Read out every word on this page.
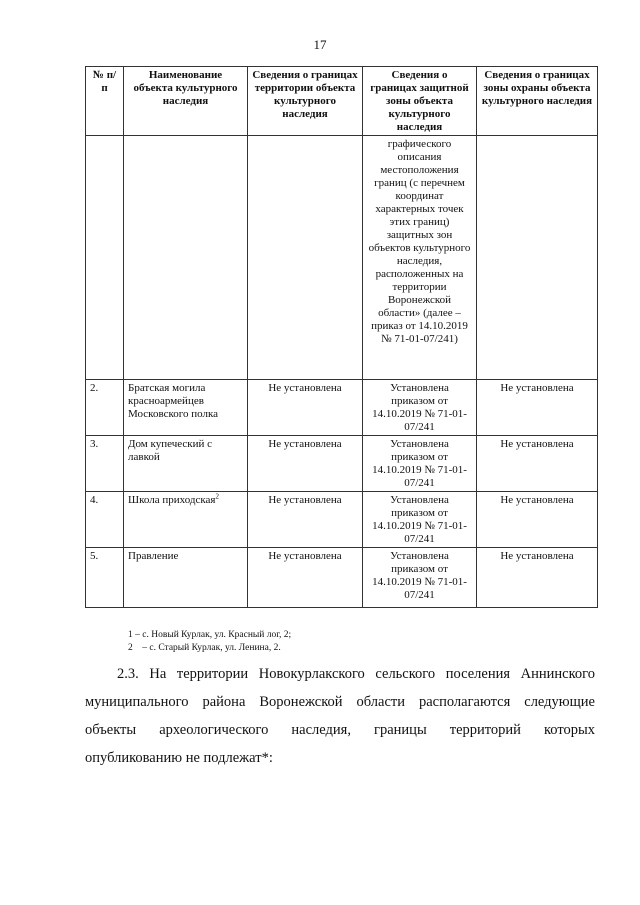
17
№ п/п	Наименование объекта культурного наследия	Сведения о границах территории объекта культурного наследия	Сведения о границах защитной зоны объекта культурного наследия	Сведения о границах зоны охраны объекта культурного наследия
			графического описания местоположения границ (с перечнем координат характерных точек этих границ) защитных зон объектов культурного наследия, расположенных на территории Воронежской области» (далее – приказ от 14.10.2019 № 71-01-07/241)	
2.	Братская могила красноармейцев Московского полка	Не установлена	Установлена приказом от 14.10.2019 № 71-01-07/241	Не установлена
3.	Дом купеческий с лавкой	Не установлена	Установлена приказом от 14.10.2019 № 71-01-07/241	Не установлена
4.	Школа приходская$^2$	Не установлена	Установлена приказом от 14.10.2019 № 71-01-07/241	Не установлена
5.	Правление	Не установлена	Установлена приказом от 14.10.2019 № 71-01-07/241	Не установлена
1 – с. Новый Курлак, ул. Красный лог, 2;
2    – с. Старый Курлак, ул. Ленина, 2.

2.3. На территории Новокурлакского сельского поселения Аннинского муниципального района Воронежской области располагаются следующие объекты археологического наследия, границы территорий которых опубликованию не подлежат*:
